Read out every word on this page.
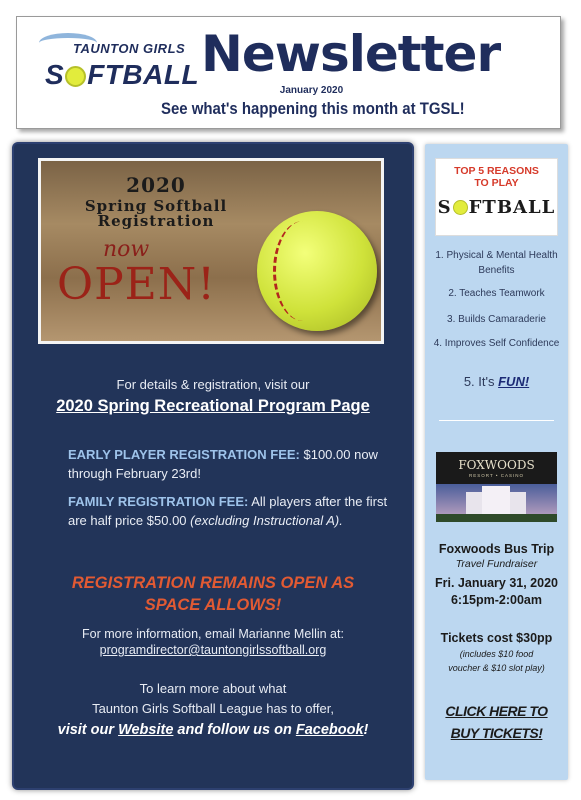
TAUNTON GIRLS
S FTBALL Newsletter
January 2020
See what's happening this month at TGSL!
2020
Spring Softball
Registration
now
OPEN!
For details & registration, visit our
2020 Spring Recreational Program Page
EARLY PLAYER REGISTRATION FEE: $100.00 now through February 23rd!
FAMILY REGISTRATION FEE: All players after the first are half price $50.00 (excluding Instructional A).
REGISTRATION REMAINS OPEN AS
SPACE ALLOWS!
For more information, email Marianne Mellin at:
programdirector@tauntongirlssoftball.org
To learn more about what
Taunton Girls Softball League has to offer,
visit our Website and follow us on Facebook!
TOP 5 REASONS
TO PLAY
S FTBALL
1. Physical & Mental Health Benefits
2. Teaches Teamwork
3. Builds Camaraderie
4. Improves Self Confidence
5. It's FUN!
FOXWOODS
RESORT • CASINO
Foxwoods Bus Trip
Travel Fundraiser
Fri. January 31, 2020
6:15pm-2:00am
Tickets cost $30pp
(includes $10 food
voucher & $10 slot play)
CLICK HERE TO
BUY TICKETS!
